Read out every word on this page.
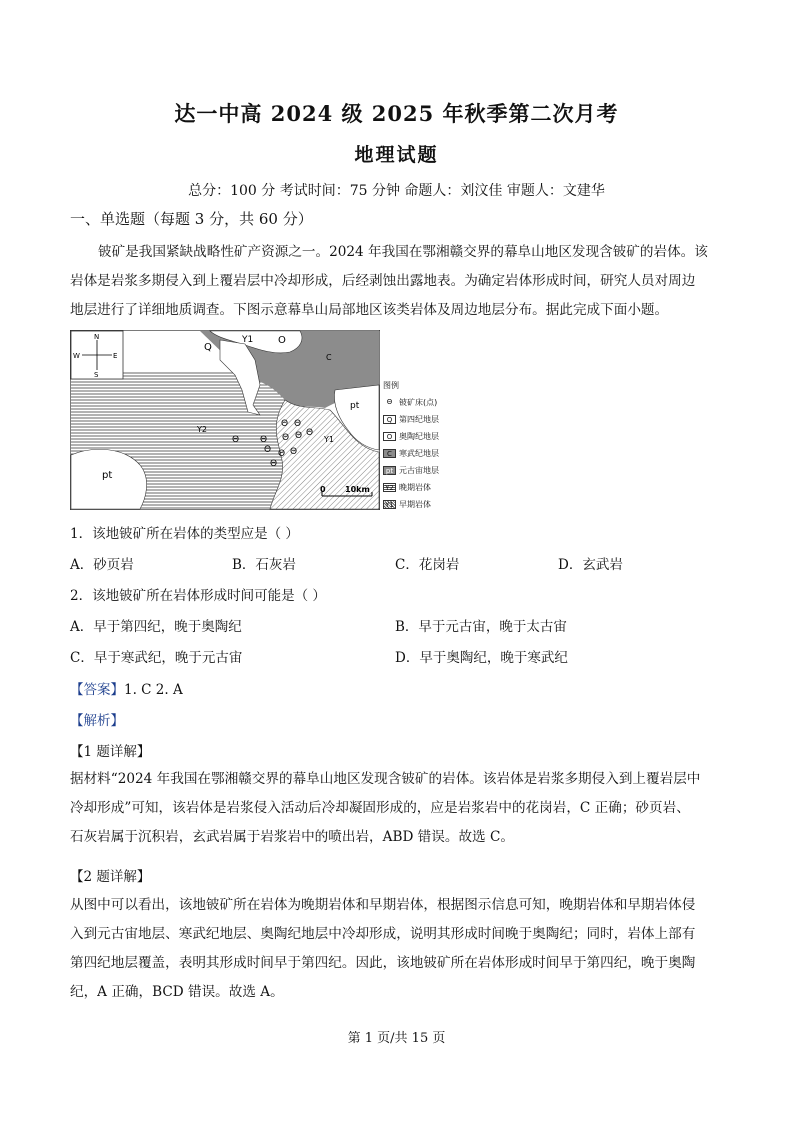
达一中高 2024 级 2025 年秋季第二次月考
地理试题
总分：100 分 考试时间：75 分钟 命题人：刘汶佳 审题人：文建华
一、单选题（每题 3 分，共 60 分）
铍矿是我国紧缺战略性矿产资源之一。2024 年我国在鄂湘赣交界的幕阜山地区发现含铍矿的岩体。该
岩体是岩浆多期侵入到上覆岩层中冷却形成，后经剥蚀出露地表。为确定岩体形成时间，研究人员对周边
地层进行了详细地质调查。下图示意幕阜山局部地区该类岩体及周边地层分布。据此完成下面小题。
N
S
W	E
Q
Y1 O
C
pt
Y2
Y1
pt
Θ Θ
Θ Θ
Θ Θ Θ
Θ Θ Θ
Θ
0 10km
图例
Θ 铍矿床(点)
Q 第四纪地层
O 奥陶纪地层
C 寒武纪地层
pt 元古宙地层
Y2 晚期岩体
Y1 早期岩体
1．该地铍矿所在岩体的类型应是（ ）
A．砂页岩	B．石灰岩	C．花岗岩	D．玄武岩
2．该地铍矿所在岩体形成时间可能是（ ）
A．早于第四纪，晚于奥陶纪	B．早于元古宙，晚于太古宙
C．早于寒武纪，晚于元古宙	D．早于奥陶纪，晚于寒武纪
【答案】1. C 2. A
【解析】
【1 题详解】
据材料“2024 年我国在鄂湘赣交界的幕阜山地区发现含铍矿的岩体。该岩体是岩浆多期侵入到上覆岩层中
冷却形成”可知，该岩体是岩浆侵入活动后冷却凝固形成的，应是岩浆岩中的花岗岩，C 正确；砂页岩、
石灰岩属于沉积岩，玄武岩属于岩浆岩中的喷出岩，ABD 错误。故选 C。
【2 题详解】
从图中可以看出，该地铍矿所在岩体为晚期岩体和早期岩体，根据图示信息可知，晚期岩体和早期岩体侵
入到元古宙地层、寒武纪地层、奥陶纪地层中冷却形成，说明其形成时间晚于奥陶纪；同时，岩体上部有
第四纪地层覆盖，表明其形成时间早于第四纪。因此，该地铍矿所在岩体形成时间早于第四纪，晚于奥陶
纪，A 正确，BCD 错误。故选 A。
第 1 页/共 15 页
